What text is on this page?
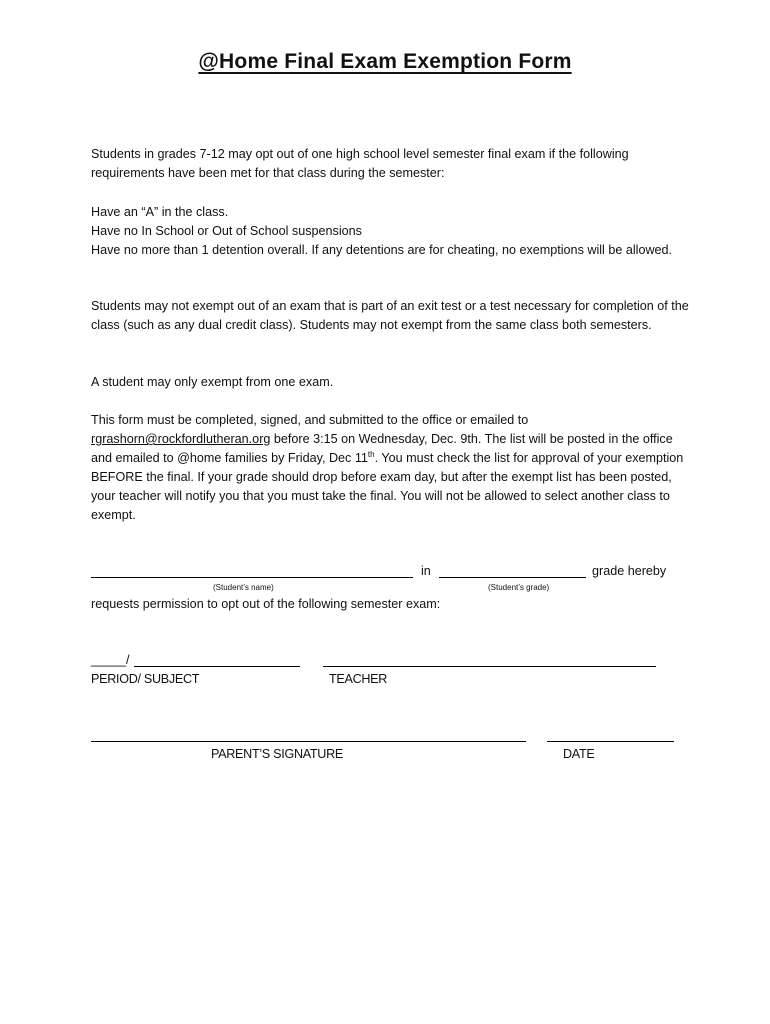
@Home Final Exam Exemption Form

Students in grades 7-12 may opt out of one high school level semester final exam if the following requirements have been met for that class during the semester:

Have an “A” in the class.
Have no In School or Out of School suspensions
Have no more than 1 detention overall. If any detentions are for cheating, no exemptions will be allowed.

Students may not exempt out of an exam that is part of an exit test or a test necessary for completion of the class (such as any dual credit class). Students may not exempt from the same class both semesters.

A student may only exempt from one exam.

This form must be completed, signed, and submitted to the office or emailed to rgrashorn@rockfordlutheran.org before 3:15 on Wednesday, Dec. 9th. The list will be posted in the office and emailed to @home families by Friday, Dec 11th. You must check the list for approval of your exemption BEFORE the final. If your grade should drop before exam day, but after the exempt list has been posted, your teacher will notify you that you must take the final. You will not be allowed to select another class to exempt.

in	grade hereby
(Student’s name)	(Student’s grade)
requests permission to opt out of the following semester exam:
_____/
PERIOD/ SUBJECT	TEACHER
PARENT’S SIGNATURE	DATE
